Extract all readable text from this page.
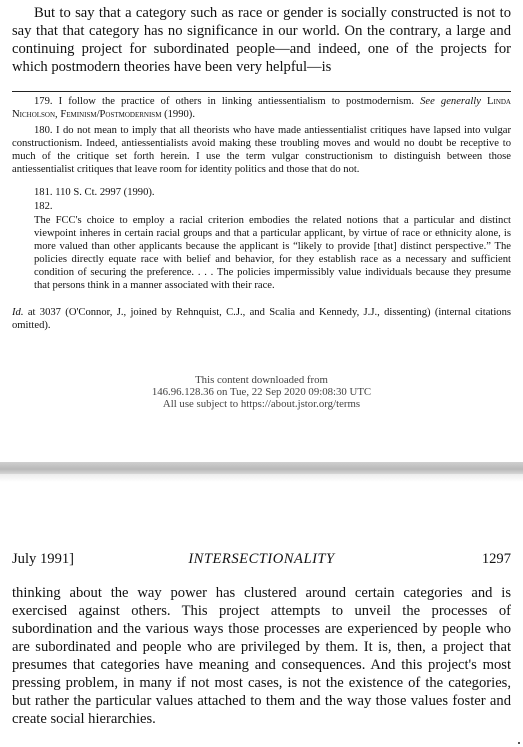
But to say that a category such as race or gender is socially constructed is not to say that that category has no significance in our world. On the contrary, a large and continuing project for subordinated people—and indeed, one of the projects for which postmodern theories have been very helpful—is

179. I follow the practice of others in linking antiessentialism to postmodernism. See generally Linda Nicholson, Feminism/Postmodernism (1990).

180. I do not mean to imply that all theorists who have made antiessentialist critiques have lapsed into vulgar constructionism. Indeed, antiessentialists avoid making these troubling moves and would no doubt be receptive to much of the critique set forth herein. I use the term vulgar constructionism to distinguish between those antiessentialist critiques that leave room for identity politics and those that do not.

181. 110 S. Ct. 2997 (1990).

182.

The FCC's choice to employ a racial criterion embodies the related notions that a particular and distinct viewpoint inheres in certain racial groups and that a particular applicant, by virtue of race or ethnicity alone, is more valued than other applicants because the applicant is “likely to provide [that] distinct perspective.” The policies directly equate race with belief and behavior, for they establish race as a necessary and sufficient condition of securing the preference. . . . The policies impermissibly value individuals because they presume that persons think in a manner associated with their race.

Id. at 3037 (O'Connor, J., joined by Rehnquist, C.J., and Scalia and Kennedy, J.J., dissenting) (internal citations omitted).

This content downloaded from
146.96.128.36 on Tue, 22 Sep 2020 09:08:30 UTC
All use subject to https://about.jstor.org/terms
July 1991]	INTERSECTIONALITY	1297

thinking about the way power has clustered around certain categories and is exercised against others. This project attempts to unveil the processes of subordination and the various ways those processes are experienced by people who are subordinated and people who are privileged by them. It is, then, a project that presumes that categories have meaning and consequences. And this project's most pressing problem, in many if not most cases, is not the existence of the categories, but rather the particular values attached to them and the way those values foster and create social hierarchies.
